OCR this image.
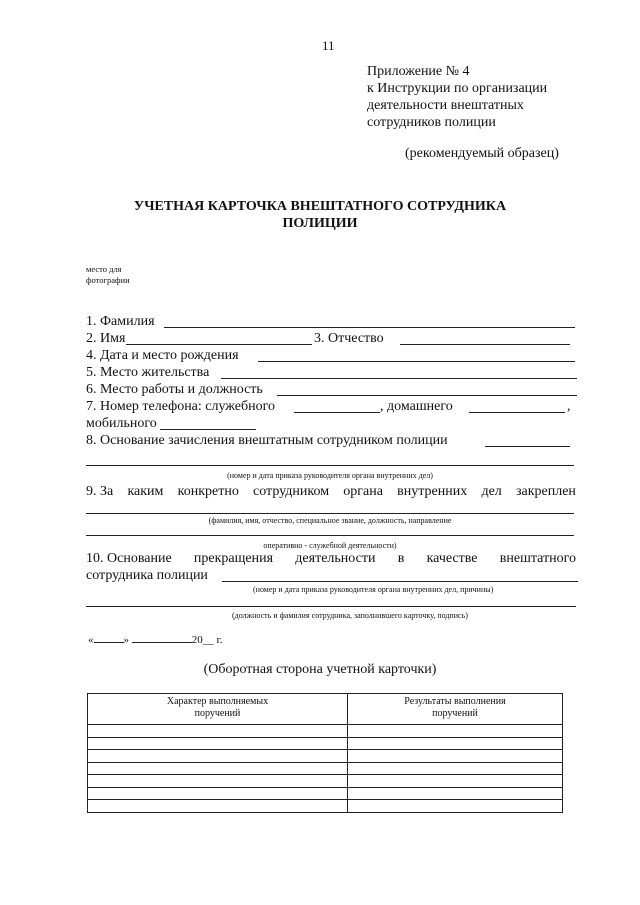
11
Приложение № 4
к Инструкции по организации
деятельности внештатных
сотрудников полиции
(рекомендуемый образец)
УЧЕТНАЯ КАРТОЧКА ВНЕШТАТНОГО СОТРУДНИКА
ПОЛИЦИИ
место для
фотографии
1. Фамилия
2. Имя	3. Отчество
4. Дата и место рождения
5. Место жительства
6. Место работы и должность
7. Номер телефона: служебного	, домашнего	,
мобильного
8. Основание зачисления внештатным сотрудником полиции
(номер и дата приказа руководителя органа внутренних дел)
9. За каким конкретно сотрудником органа внутренних дел закреплен
(фамилия, имя, отчество, специальное звание, должность, направление
оперативно - служебной деятельности)
10. Основание прекращения деятельности в качестве внештатного
сотрудника полиции
(номер и дата приказа руководителя органа внутренних дел, причины)
(должность и фамилия сотрудника, заполнившего карточку, подпись)
«	»	20__ г.
(Оборотная сторона учетной карточки)
Характер выполняемых поручений	Результаты выполнения поручений
